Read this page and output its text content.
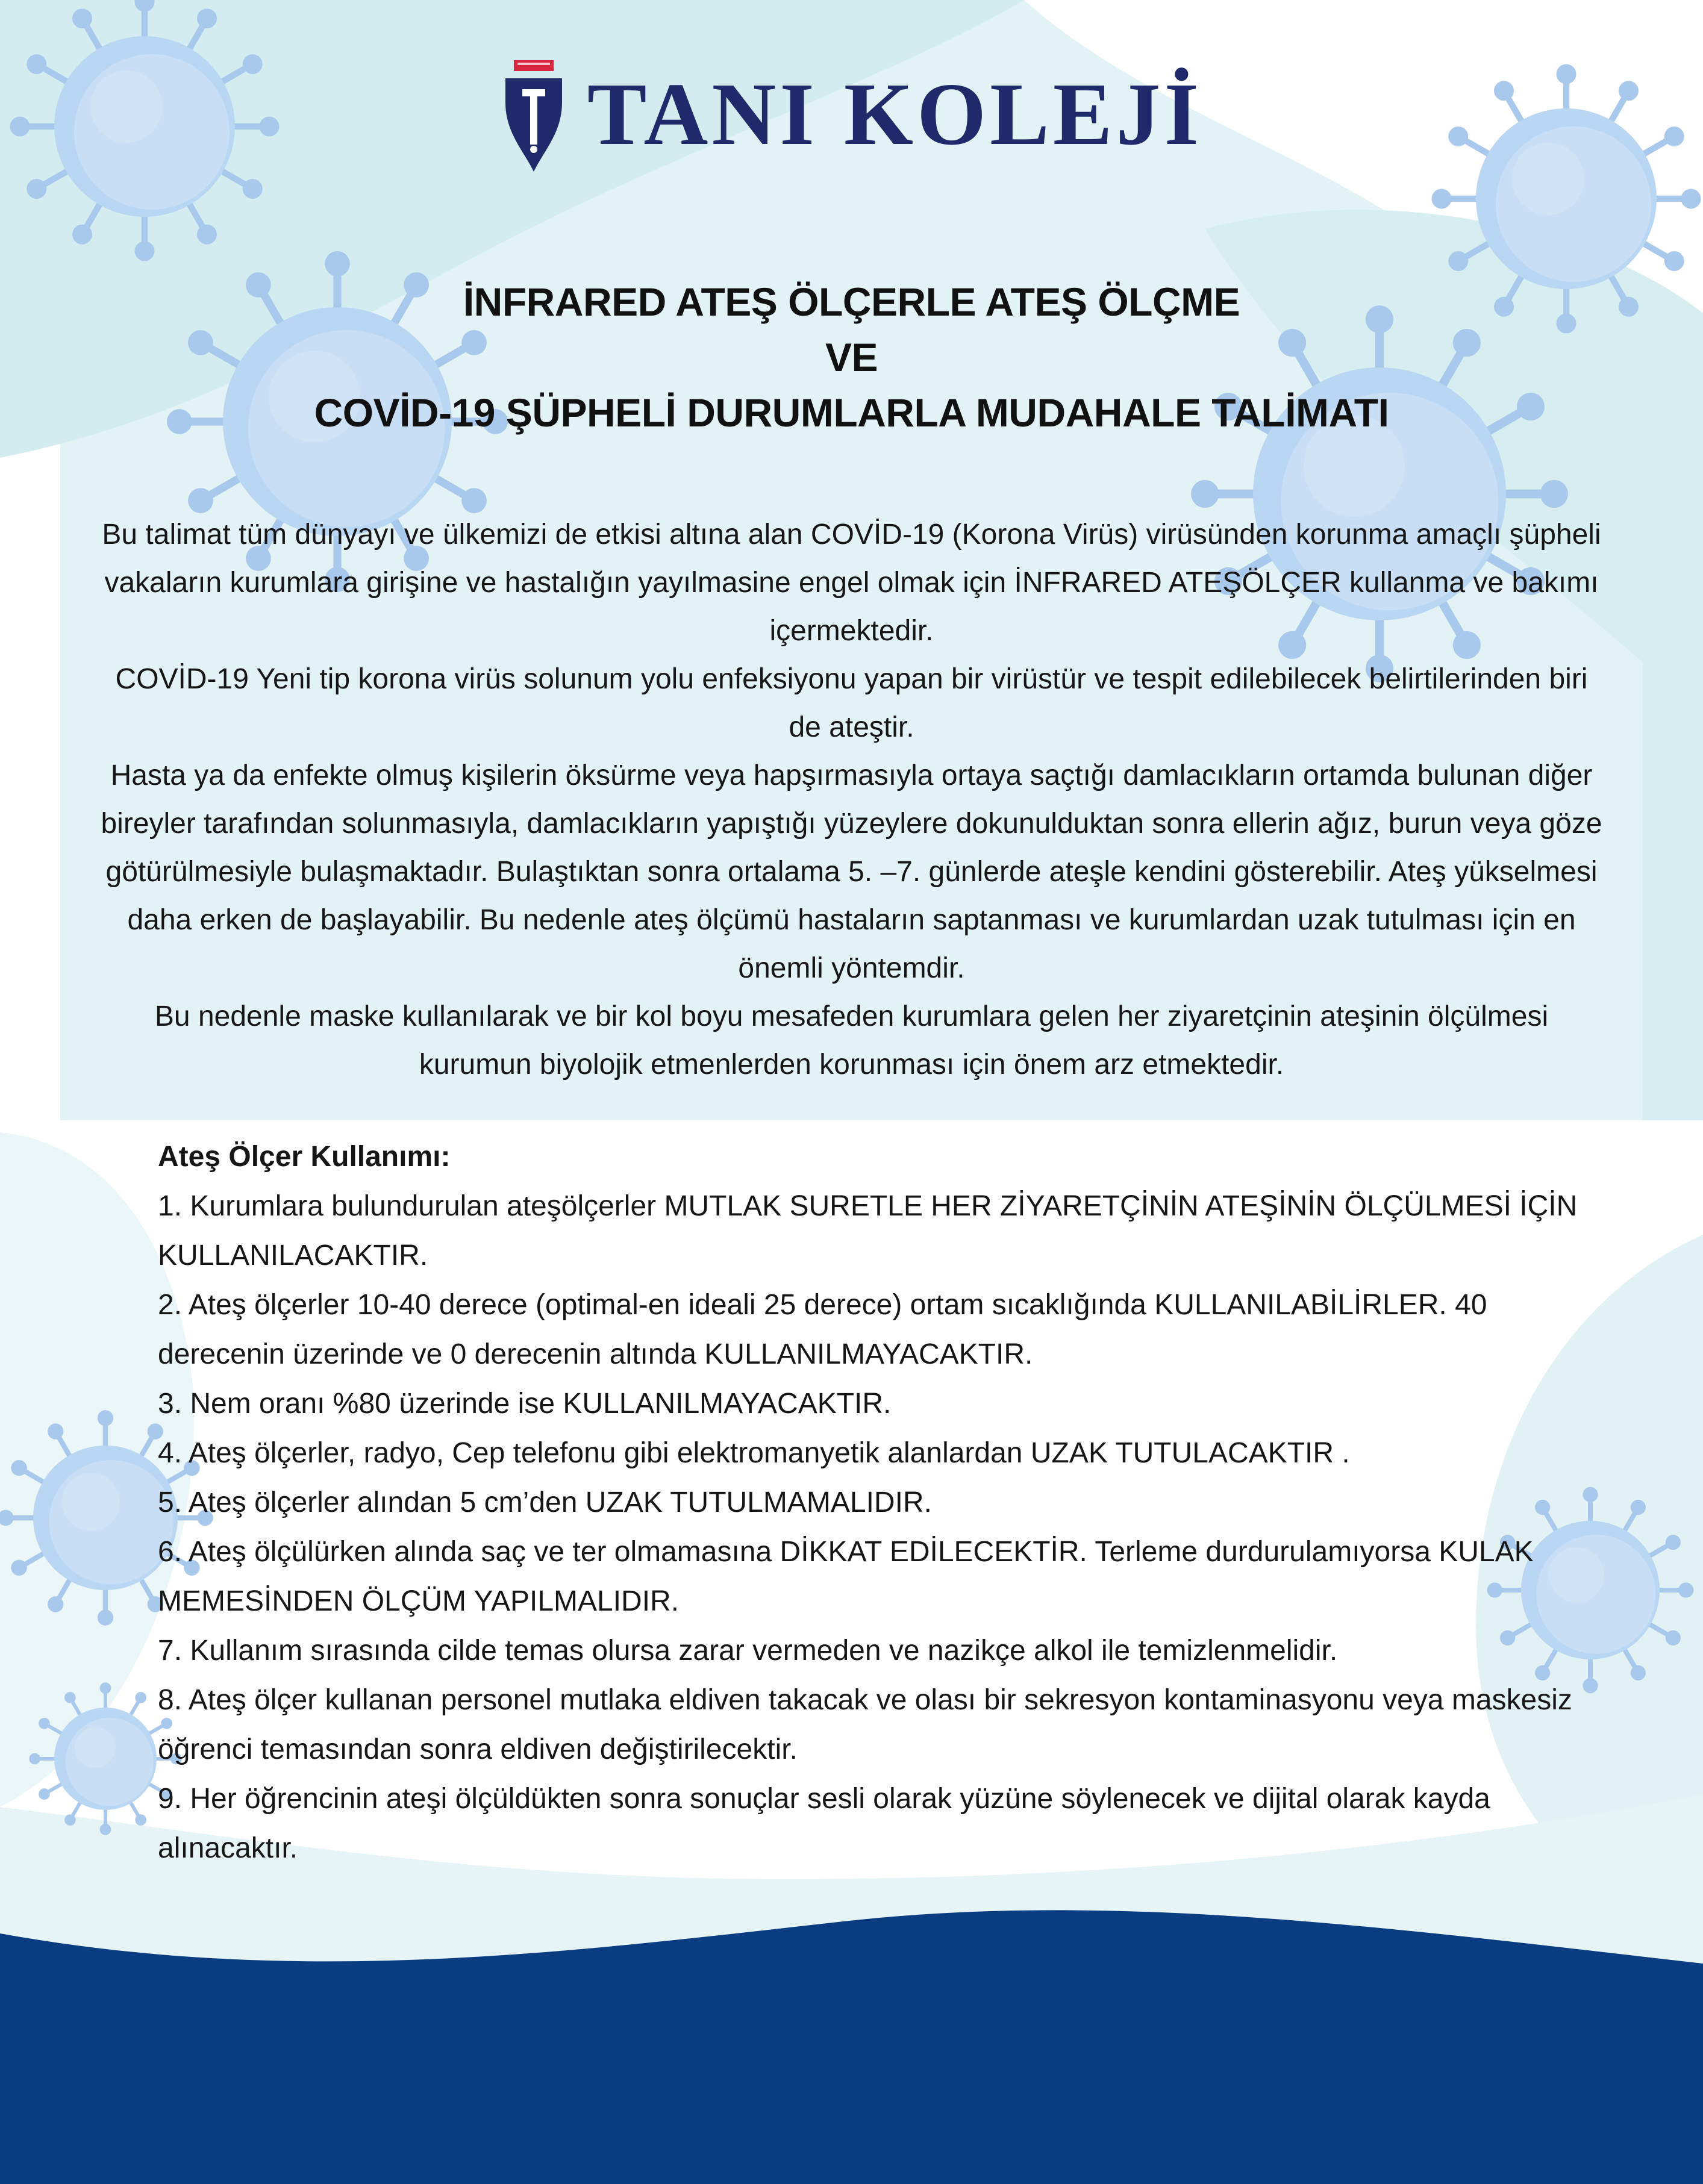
TANI KOLEJİ
İNFRARED ATEŞ ÖLÇERLE ATEŞ ÖLÇME
VE
COVİD-19 ŞÜPHELİ DURUMLARLA MUDAHALE TALİMATI

Bu talimat tüm dünyayı ve ülkemizi de etkisi altına alan COVİD-19 (Korona Virüs) virüsünden korunma amaçlı şüpheli vakaların kurumlara girişine ve hastalığın yayılmasine engel olmak için İNFRARED ATEŞÖLÇER kullanma ve bakımı içermektedir.

COVİD-19 Yeni tip korona virüs solunum yolu enfeksiyonu yapan bir virüstür ve tespit edilebilecek belirtilerinden biri de ateştir.

Hasta ya da enfekte olmuş kişilerin öksürme veya hapşırmasıyla ortaya saçtığı damlacıkların ortamda bulunan diğer bireyler tarafından solunmasıyla, damlacıkların yapıştığı yüzeylere dokunulduktan sonra ellerin ağız, burun veya göze götürülmesiyle bulaşmaktadır. Bulaştıktan sonra ortalama 5. –7. günlerde ateşle kendini gösterebilir. Ateş yükselmesi daha erken de başlayabilir. Bu nedenle ateş ölçümü hastaların saptanması ve kurumlardan uzak tutulması için en önemli yöntemdir.

Bu nedenle maske kullanılarak ve bir kol boyu mesafeden kurumlara gelen her ziyaretçinin ateşinin ölçülmesi kurumun biyolojik etmenlerden korunması için önem arz etmektedir.

Ateş Ölçer Kullanımı:
1. Kurumlara bulundurulan ateşölçerler MUTLAK SURETLE HER ZİYARETÇİNİN ATEŞİNİN ÖLÇÜLMESİ İÇİN KULLANILACAKTIR.
2. Ateş ölçerler 10-40 derece (optimal-en ideali 25 derece) ortam sıcaklığında KULLANILABİLİRLER. 40 derecenin üzerinde ve 0 derecenin altında KULLANILMAYACAKTIR.
3. Nem oranı %80 üzerinde ise KULLANILMAYACAKTIR.
4. Ateş ölçerler, radyo, Cep telefonu gibi elektromanyetik alanlardan UZAK TUTULACAKTIR .
5. Ateş ölçerler alından 5 cm’den UZAK TUTULMAMALIDIR.
6. Ateş ölçülürken alında saç ve ter olmamasına DİKKAT EDİLECEKTİR. Terleme durdurulamıyorsa KULAK MEMESİNDEN ÖLÇÜM YAPILMALIDIR.
7. Kullanım sırasında cilde temas olursa zarar vermeden ve nazikçe alkol ile temizlenmelidir.
8. Ateş ölçer kullanan personel mutlaka eldiven takacak ve olası bir sekresyon kontaminasyonu veya maskesiz öğrenci temasından sonra eldiven değiştirilecektir.
9. Her öğrencinin ateşi ölçüldükten sonra sonuçlar sesli olarak yüzüne söylenecek ve dijital olarak kayda alınacaktır.
